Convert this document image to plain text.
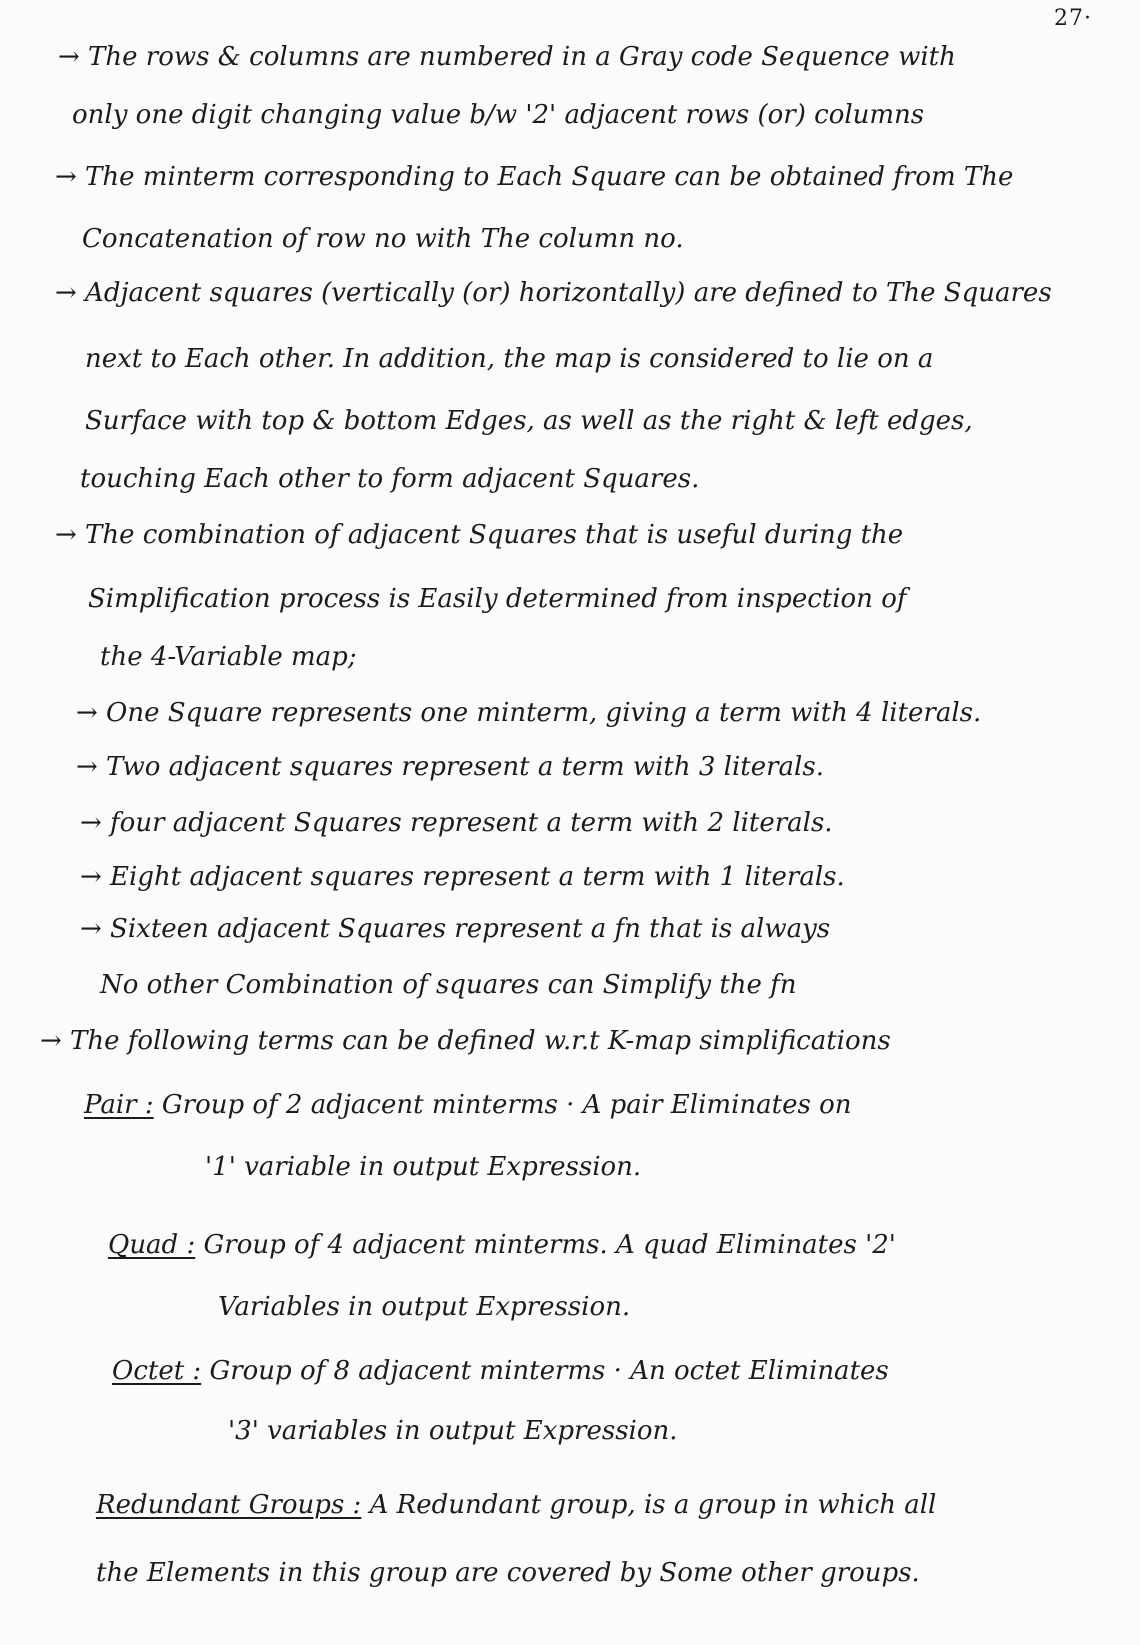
27·
→ The rows & columns are numbered in a Gray code Sequence with
only one digit changing value b/w '2' adjacent rows (or) columns
→ The minterm corresponding to Each Square can be obtained from The
Concatenation of row no with The column no.
→ Adjacent squares (vertically (or) horizontally) are defined to The Squares
next to Each other. In addition, the map is considered to lie on a
Surface with top & bottom Edges, as well as the right & left edges,
touching Each other to form adjacent Squares.
→ The combination of adjacent Squares that is useful during the
Simplification process is Easily determined from inspection of
the 4-Variable map;
→ One Square represents one minterm, giving a term with 4 literals.
→ Two adjacent squares represent a term with 3 literals.
→ four adjacent Squares represent a term with 2 literals.
→ Eight adjacent squares represent a term with 1 literals.
→ Sixteen adjacent Squares represent a fn that is always
No other Combination of squares can Simplify the fn
→ The following terms can be defined w.r.t K-map simplifications
Pair : Group of 2 adjacent minterms · A pair Eliminates on
'1' variable in output Expression.
Quad : Group of 4 adjacent minterms. A quad Eliminates '2'
Variables in output Expression.
Octet : Group of 8 adjacent minterms · An octet Eliminates
'3' variables in output Expression.
Redundant Groups : A Redundant group, is a group in which all
the Elements in this group are covered by Some other groups.
